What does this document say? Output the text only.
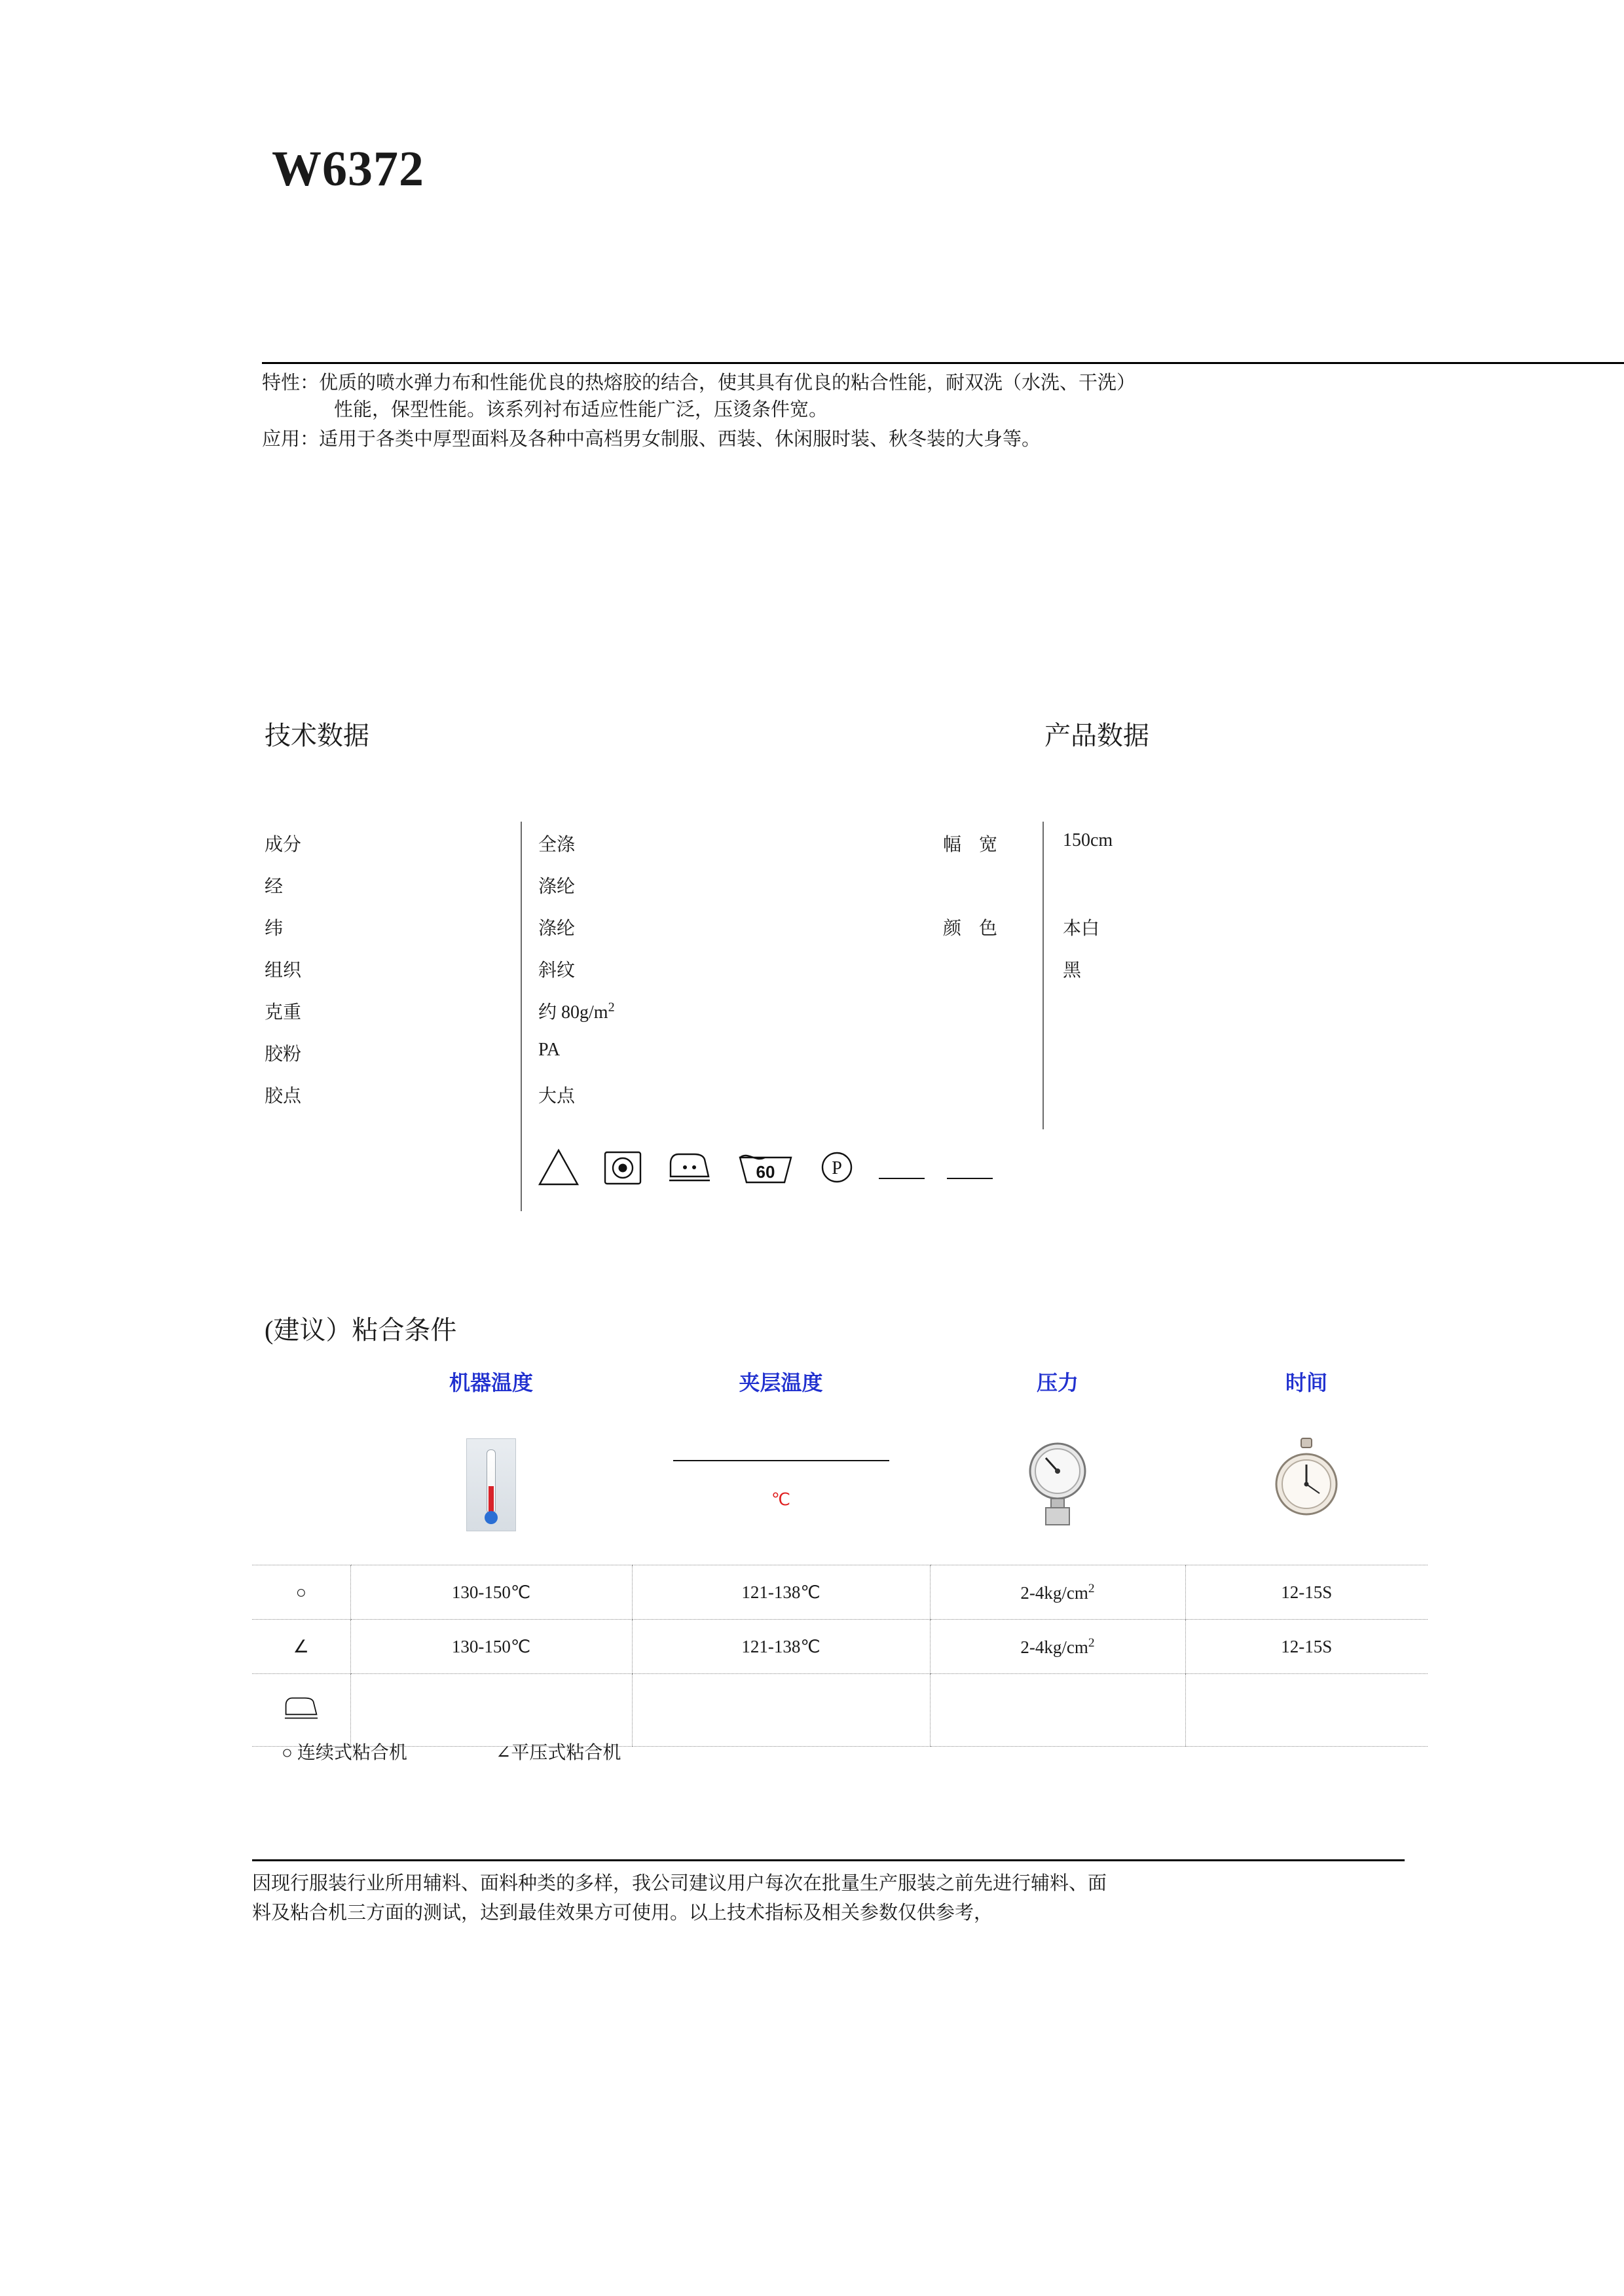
W6372
特性： 优质的喷水弹力布和性能优良的热熔胶的结合，使其具有优良的粘合性能，耐双洗（水洗、干洗）
性能，保型性能。该系列衬布适应性能广泛，压烫条件宽。
应用： 适用于各类中厚型面料及各种中高档男女制服、西装、休闲服时装、秋冬装的大身等。
技术数据	产品数据
成分	全涤
经	涤纶
纬	涤纶
组织	斜纹
克重	约 $80g/m^2$
胶粉	PA
胶点	大点
幅 宽	150cm
颜 色	本白
黑
60	P
(建议）粘合条件
	机器温度	夹层温度	压力	时间

		℃

○	130-150℃	121-138℃	$2-4kg/cm^2$	12-15S
∠	130-150℃	121-138℃	$2-4kg/cm^2$	12-15S

○ 连续式粘合机	∠平压式粘合机
因现行服装行业所用辅料、面料种类的多样，我公司建议用户每次在批量生产服装之前先进行辅料、面
料及粘合机三方面的测试，达到最佳效果方可使用。以上技术指标及相关参数仅供参考，
